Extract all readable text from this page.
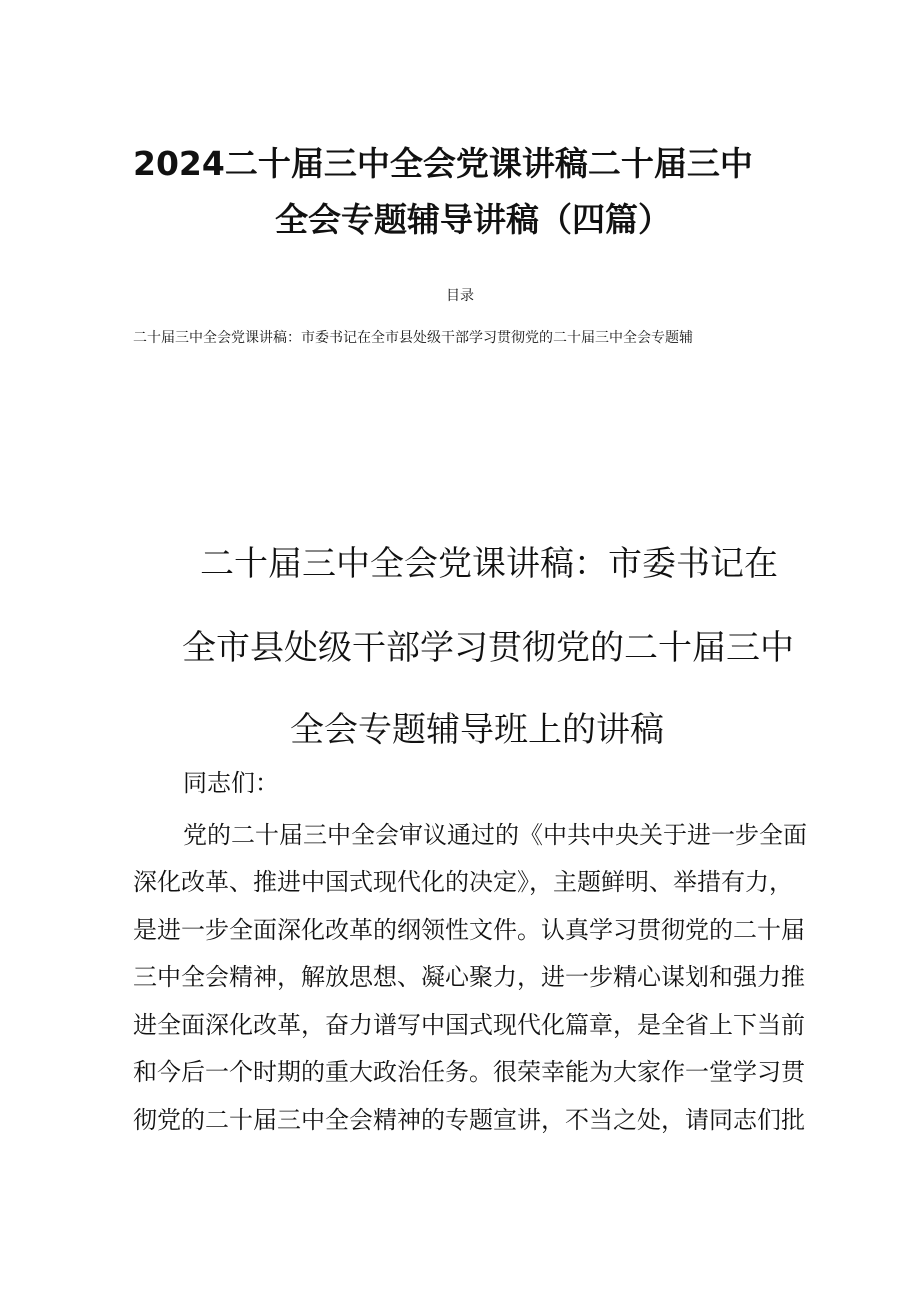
2024二十届三中全会党课讲稿二十届三中
全会专题辅导讲稿（四篇）
目录
二十届三中全会党课讲稿：市委书记在全市县处级干部学习贯彻党的二十届三中全会专题辅
二十届三中全会党课讲稿：市委书记在
全市县处级干部学习贯彻党的二十届三中
全会专题辅导班上的讲稿
同志们：
党的二十届三中全会审议通过的《中共中央关于进一步全面
深化改革、推进中国式现代化的决定》，主题鲜明、举措有力，
是进一步全面深化改革的纲领性文件。认真学习贯彻党的二十届
三中全会精神，解放思想、凝心聚力，进一步精心谋划和强力推
进全面深化改革，奋力谱写中国式现代化篇章，是全省上下当前
和今后一个时期的重大政治任务。很荣幸能为大家作一堂学习贯
彻党的二十届三中全会精神的专题宣讲，不当之处，请同志们批
